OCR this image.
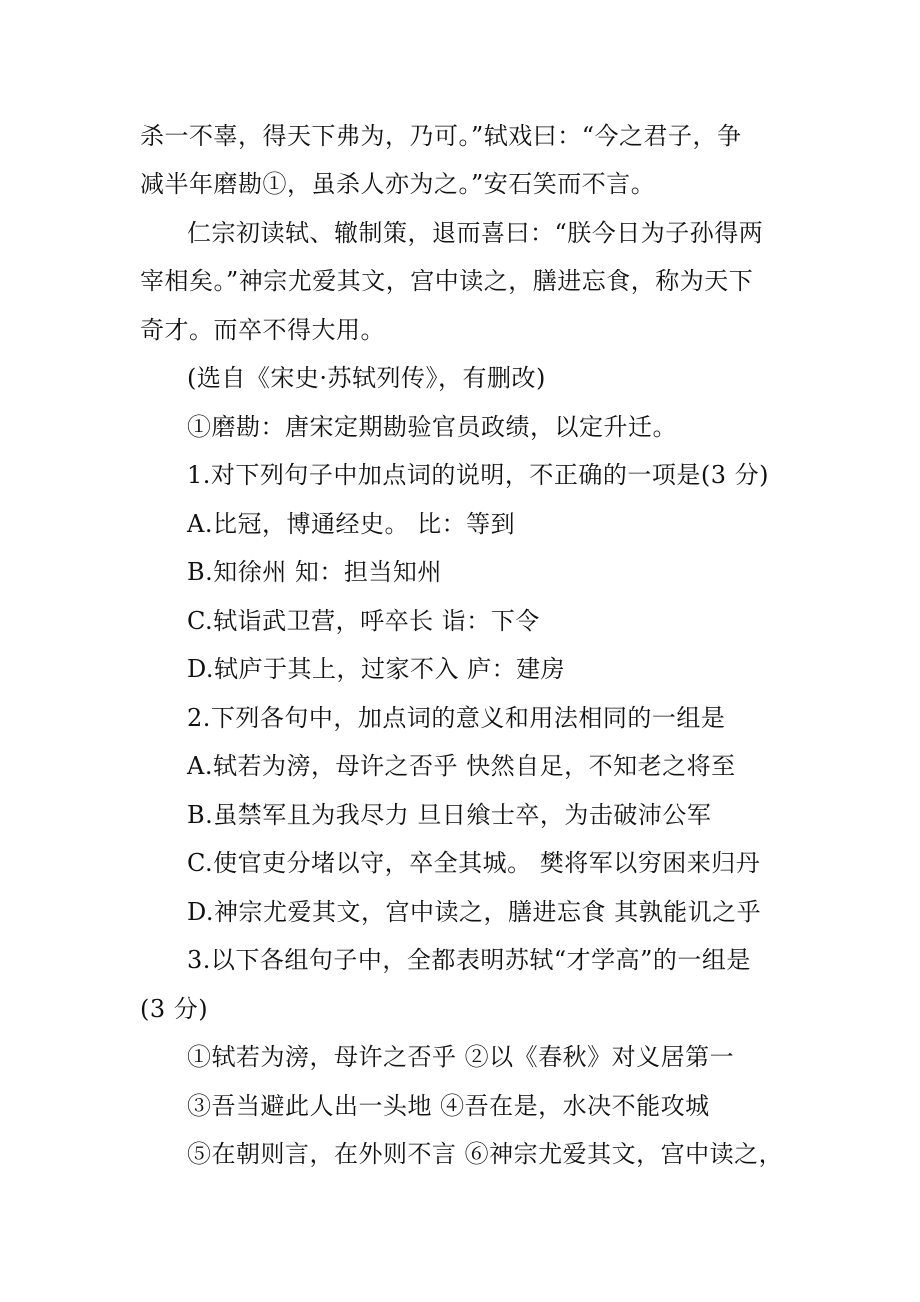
杀一不辜，得天下弗为，乃可。”轼戏曰：“今之君子，争
减半年磨勘①，虽杀人亦为之。”安石笑而不言。
仁宗初读轼、辙制策，退而喜曰：“朕今日为子孙得两
宰相矣。”神宗尤爱其文，宫中读之，膳进忘食，称为天下
奇才。而卒不得大用。
(选自《宋史·苏轼列传》，有删改)
①磨勘：唐宋定期勘验官员政绩，以定升迁。
1.对下列句子中加点词的说明，不正确的一项是(3 分)
A.比冠，博通经史。 比：等到
B.知徐州 知：担当知州
C.轼诣武卫营，呼卒长 诣：下令
D.轼庐于其上，过家不入 庐：建房
2.下列各句中，加点词的意义和用法相同的一组是
A.轼若为滂，母许之否乎 快然自足，不知老之将至
B.虽禁军且为我尽力 旦日飨士卒，为击破沛公军
C.使官吏分堵以守，卒全其城。 樊将军以穷困来归丹
D.神宗尤爱其文，宫中读之，膳进忘食 其孰能讥之乎
3.以下各组句子中，全都表明苏轼“才学高”的一组是
(3 分)
①轼若为滂，母许之否乎 ②以《春秋》对义居第一
③吾当避此人出一头地 ④吾在是，水决不能攻城
⑤在朝则言，在外则不言 ⑥神宗尤爱其文，宫中读之，
